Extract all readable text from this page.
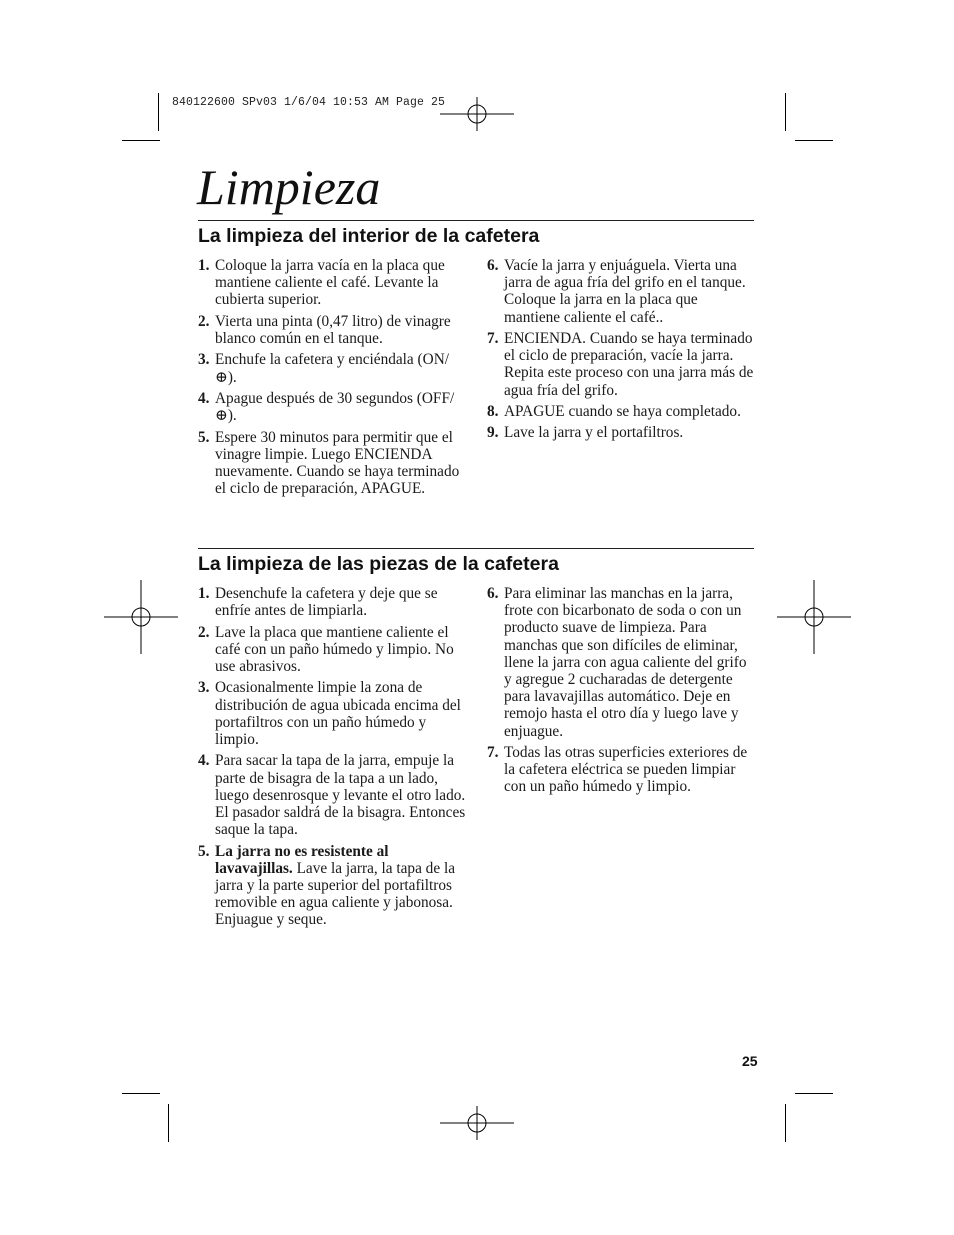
840122600 SPv03 1/6/04 10:53 AM Page 25
Limpieza
La limpieza del interior de la cafetera
1. Coloque la jarra vacía en la placa que mantiene caliente el café. Levante la cubierta superior.
2. Vierta una pinta (0,47 litro) de vinagre blanco común en el tanque.
3. Enchufe la cafetera y enciéndala (ON/⊕).
4. Apague después de 30 segundos (OFF/⊕).
5. Espere 30 minutos para permitir que el vinagre limpie. Luego ENCIENDA nuevamente. Cuando se haya terminado el ciclo de preparación, APAGUE.
6. Vacíe la jarra y enjuáguela. Vierta una jarra de agua fría del grifo en el tanque. Coloque la jarra en la placa que mantiene caliente el café..
7. ENCIENDA. Cuando se haya terminado el ciclo de preparación, vacíe la jarra. Repita este proceso con una jarra más de agua fría del grifo.
8. APAGUE cuando se haya completado.
9. Lave la jarra y el portafiltros.
La limpieza de las piezas de la cafetera
1. Desenchufe la cafetera y deje que se enfríe antes de limpiarla.
2. Lave la placa que mantiene caliente el café con un paño húmedo y limpio. No use abrasivos.
3. Ocasionalmente limpie la zona de distribución de agua ubicada encima del portafiltros con un paño húmedo y limpio.
4. Para sacar la tapa de la jarra, empuje la parte de bisagra de la tapa a un lado, luego desenrosque y levante el otro lado. El pasador saldrá de la bisagra. Entonces saque la tapa.
5. La jarra no es resistente al lavavajillas. Lave la jarra, la tapa de la jarra y la parte superior del portafiltros removible en agua caliente y jabonosa. Enjuague y seque.
6. Para eliminar las manchas en la jarra, frote con bicarbonato de soda o con un producto suave de limpieza. Para manchas que son difíciles de eliminar, llene la jarra con agua caliente del grifo y agregue 2 cucharadas de detergente para lavavajillas automático. Deje en remojo hasta el otro día y luego lave y enjuague.
7. Todas las otras superficies exteriores de la cafetera eléctrica se pueden limpiar con un paño húmedo y limpio.
25
